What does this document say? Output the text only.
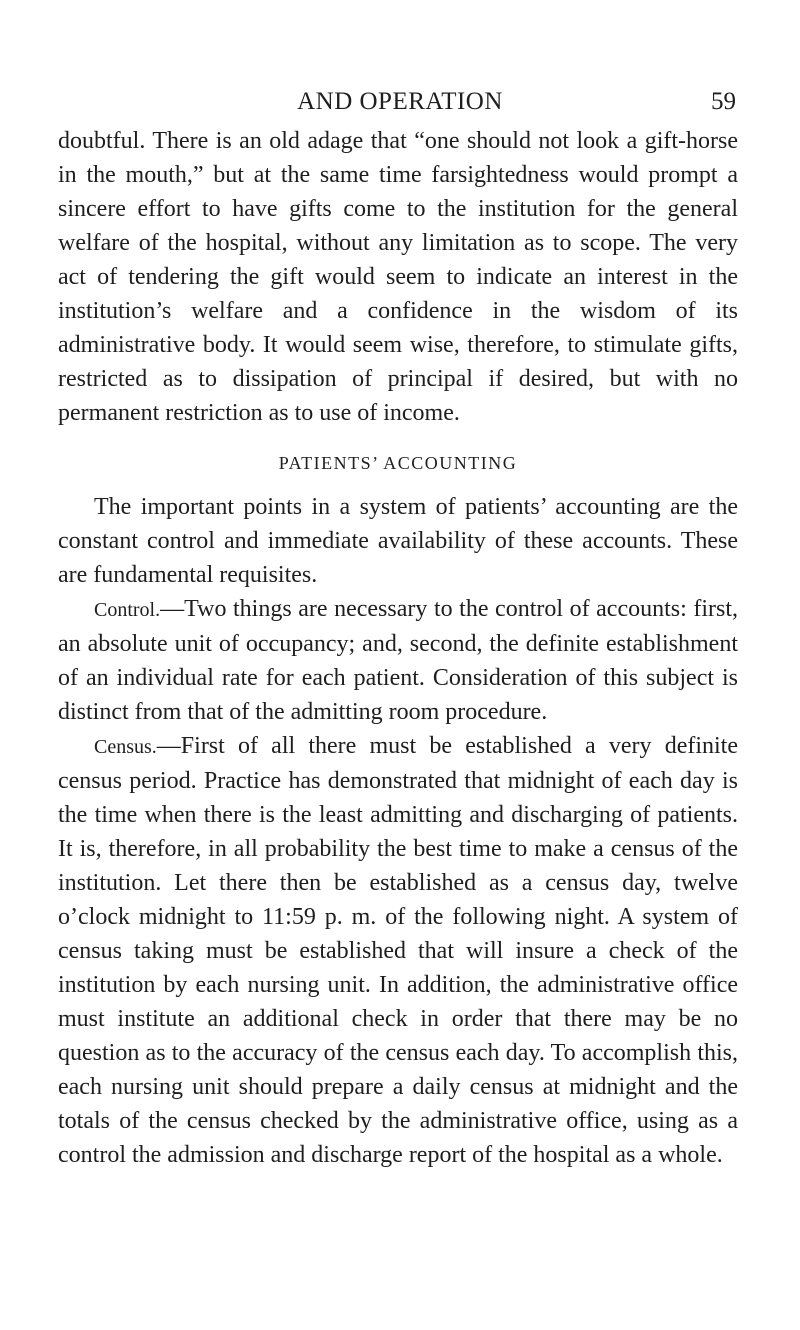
AND OPERATION	59

doubtful. There is an old adage that “one should not look a gift-horse in the mouth,” but at the same time farsightedness would prompt a sincere effort to have gifts come to the institution for the general welfare of the hospital, without any limitation as to scope. The very act of tendering the gift would seem to indicate an interest in the institution’s welfare and a confidence in the wisdom of its administrative body. It would seem wise, therefore, to stimulate gifts, restricted as to dissipation of principal if desired, but with no permanent restriction as to use of income.

PATIENTS’ ACCOUNTING

The important points in a system of patients’ accounting are the constant control and immediate availability of these accounts. These are fundamental requisites.

Control.—Two things are necessary to the control of accounts: first, an absolute unit of occupancy; and, second, the definite establishment of an individual rate for each patient. Consideration of this subject is distinct from that of the admitting room procedure.

Census.—First of all there must be established a very definite census period. Practice has demonstrated that midnight of each day is the time when there is the least admitting and discharging of patients. It is, therefore, in all probability the best time to make a census of the institution. Let there then be established as a census day, twelve o’clock midnight to 11:59 p. m. of the following night. A system of census taking must be established that will insure a check of the institution by each nursing unit. In addition, the administrative office must institute an additional check in order that there may be no question as to the accuracy of the census each day. To accomplish this, each nursing unit should prepare a daily census at midnight and the totals of the census checked by the administrative office, using as a control the admission and discharge report of the hospital as a whole.
